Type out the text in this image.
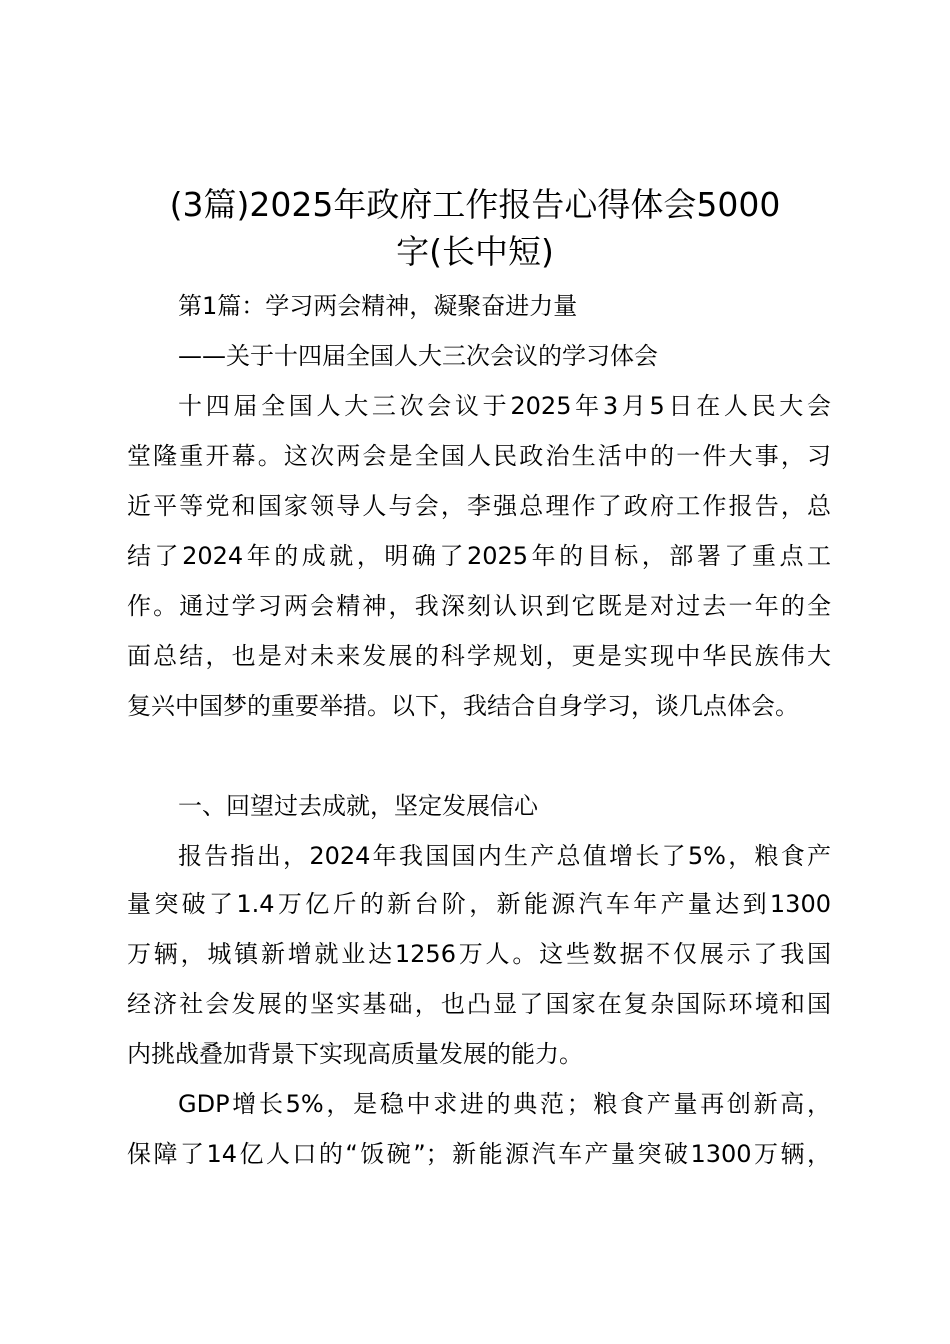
(3篇)2025年政府工作报告心得体会5000
字(长中短)

第1篇：学习两会精神，凝聚奋进力量

——关于十四届全国人大三次会议的学习体会

十四届全国人大三次会议于2025年3月5日在人民大会

堂隆重开幕。这次两会是全国人民政治生活中的一件大事，习

近平等党和国家领导人与会，李强总理作了政府工作报告，总

结了2024年的成就，明确了2025年的目标，部署了重点工

作。通过学习两会精神，我深刻认识到它既是对过去一年的全

面总结，也是对未来发展的科学规划，更是实现中华民族伟大

复兴中国梦的重要举措。以下，我结合自身学习，谈几点体会。

一、回望过去成就，坚定发展信心

报告指出，2024年我国国内生产总值增长了5%，粮食产

量突破了1.4万亿斤的新台阶，新能源汽车年产量达到1300

万辆，城镇新增就业达1256万人。这些数据不仅展示了我国

经济社会发展的坚实基础，也凸显了国家在复杂国际环境和国

内挑战叠加背景下实现高质量发展的能力。

GDP增长5%，是稳中求进的典范；粮食产量再创新高，

保障了14亿人口的“饭碗”；新能源汽车产量突破1300万辆，
